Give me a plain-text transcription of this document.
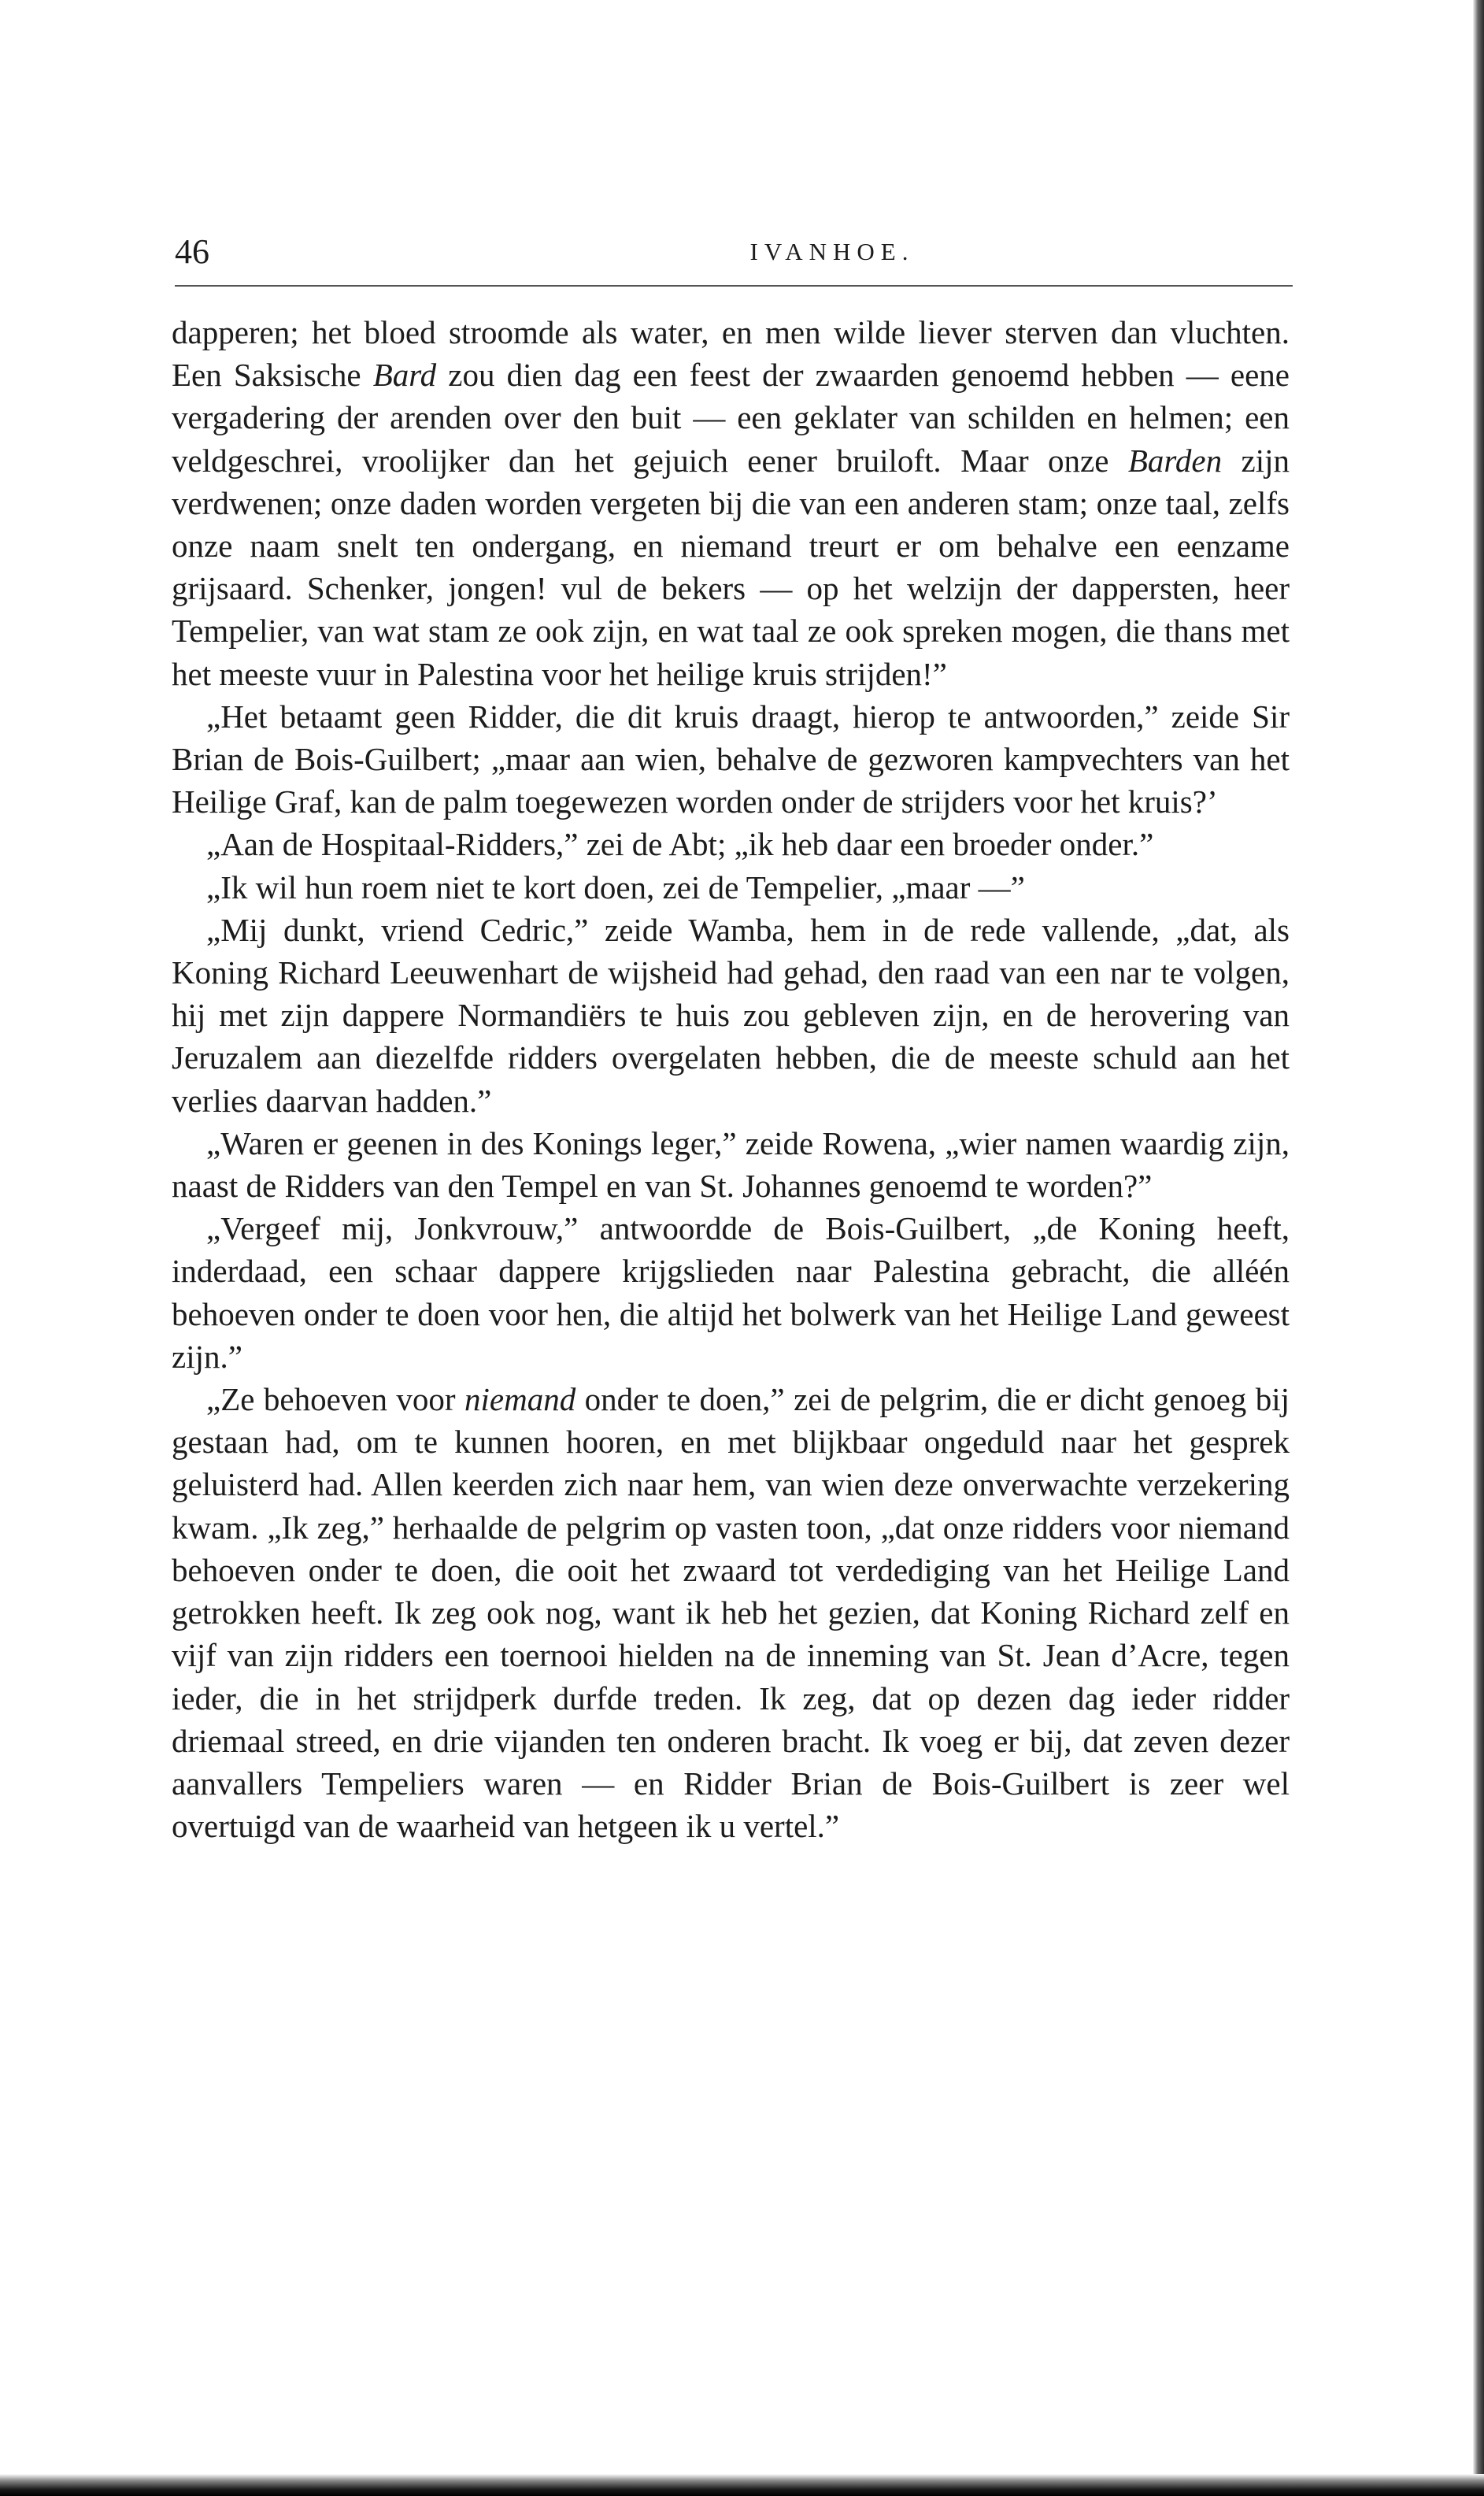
46	IVANHOE.

dapperen; het bloed stroomde als water, en men wilde liever sterven dan vluchten. Een Saksische Bard zou dien dag een feest der zwaarden genoemd hebben — eene vergadering der arenden over den buit — een geklater van schilden en helmen; een veldgeschrei, vroolijker dan het gejuich eener bruiloft. Maar onze Barden zijn verdwenen; onze daden worden vergeten bij die van een anderen stam; onze taal, zelfs onze naam snelt ten ondergang, en niemand treurt er om behalve een eenzame grijsaard. Schenker, jongen! vul de bekers — op het welzijn der dappersten, heer Tempelier, van wat stam ze ook zijn, en wat taal ze ook spreken mogen, die thans met het meeste vuur in Palestina voor het heilige kruis strijden!”

„Het betaamt geen Ridder, die dit kruis draagt, hierop te antwoorden,” zeide Sir Brian de Bois-Guilbert; „maar aan wien, behalve de gezworen kampvechters van het Heilige Graf, kan de palm toegewezen worden onder de strijders voor het kruis?’

„Aan de Hospitaal-Ridders,” zei de Abt; „ik heb daar een broeder onder.”

„Ik wil hun roem niet te kort doen, zei de Tempelier, „maar —”

„Mij dunkt, vriend Cedric,” zeide Wamba, hem in de rede vallende, „dat, als Koning Richard Leeuwenhart de wijsheid had gehad, den raad van een nar te volgen, hij met zijn dappere Normandiërs te huis zou gebleven zijn, en de herovering van Jeruzalem aan diezelfde ridders overgelaten hebben, die de meeste schuld aan het verlies daarvan hadden.”

„Waren er geenen in des Konings leger,” zeide Rowena, „wier namen waardig zijn, naast de Ridders van den Tempel en van St. Johannes genoemd te worden?”

„Vergeef mij, Jonkvrouw,” antwoordde de Bois-Guilbert, „de Koning heeft, inderdaad, een schaar dappere krijgslieden naar Palestina gebracht, die alléén behoeven onder te doen voor hen, die altijd het bolwerk van het Heilige Land geweest zijn.”

„Ze behoeven voor niemand onder te doen,” zei de pelgrim, die er dicht genoeg bij gestaan had, om te kunnen hooren, en met blijkbaar ongeduld naar het gesprek geluisterd had. Allen keerden zich naar hem, van wien deze onverwachte verzekering kwam. „Ik zeg,” herhaalde de pelgrim op vasten toon, „dat onze ridders voor niemand behoeven onder te doen, die ooit het zwaard tot verdediging van het Heilige Land getrokken heeft. Ik zeg ook nog, want ik heb het gezien, dat Koning Richard zelf en vijf van zijn ridders een toernooi hielden na de inneming van St. Jean d’Acre, tegen ieder, die in het strijdperk durfde treden. Ik zeg, dat op dezen dag ieder ridder driemaal streed, en drie vijanden ten onderen bracht. Ik voeg er bij, dat zeven dezer aanvallers Tempeliers waren — en Ridder Brian de Bois-Guilbert is zeer wel overtuigd van de waarheid van hetgeen ik u vertel.”
